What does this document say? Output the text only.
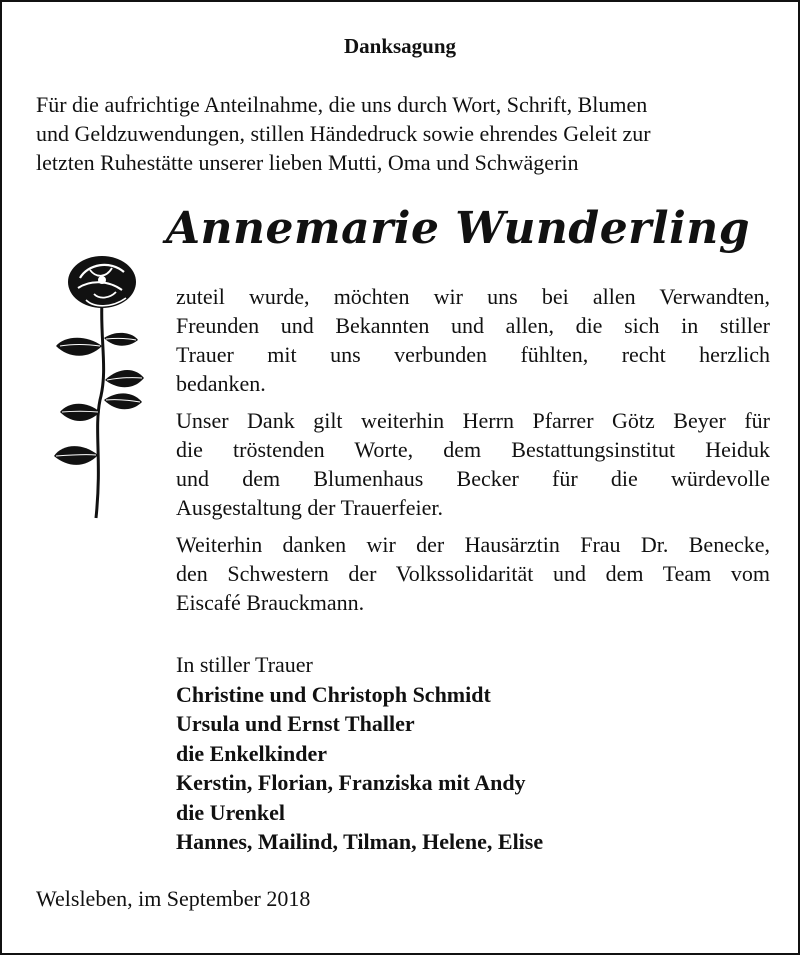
Danksagung
Für die aufrichtige Anteilnahme, die uns durch Wort, Schrift, Blumen
und Geldzuwendungen, stillen Händedruck sowie ehrendes Geleit zur
letzten Ruhestätte unserer lieben Mutti, Oma und Schwägerin
Annemarie Wunderling

zuteil wurde, möchten wir uns bei allen Verwandten,
Freunden und Bekannten und allen, die sich in stiller
Trauer mit uns verbunden fühlten, recht herzlich
bedanken.

Unser Dank gilt weiterhin Herrn Pfarrer Götz Beyer für
die tröstenden Worte, dem Bestattungsinstitut Heiduk
und dem Blumenhaus Becker für die würdevolle
Ausgestaltung der Trauerfeier.

Weiterhin danken wir der Hausärztin Frau Dr. Benecke,
den Schwestern der Volkssolidarität und dem Team vom
Eiscafé Brauckmann.

In stiller Trauer
Christine und Christoph Schmidt
Ursula und Ernst Thaller
die Enkelkinder
Kerstin, Florian, Franziska mit Andy
die Urenkel
Hannes, Mailind, Tilman, Helene, Elise
Welsleben, im September 2018
